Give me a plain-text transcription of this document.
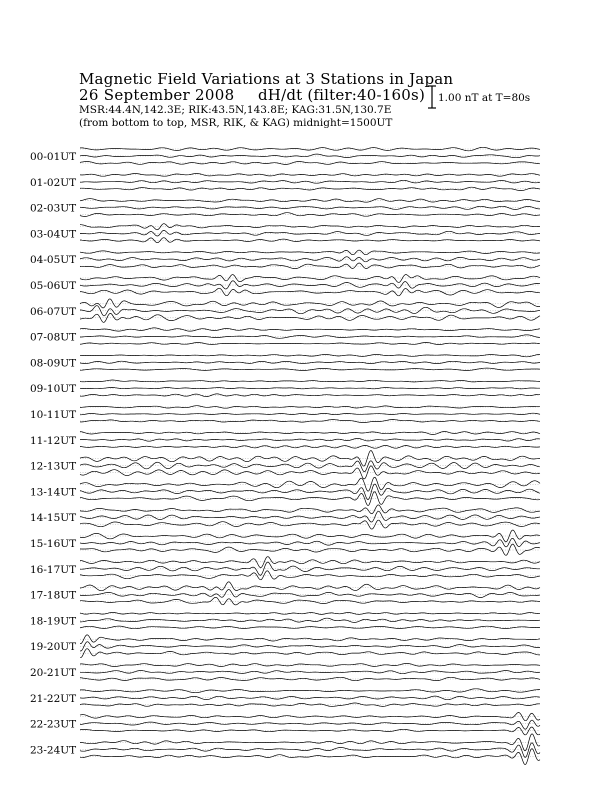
Magnetic Field Variations at 3 Stations in Japan
26 September 2008 dH/dt (filter:40-160s)
MSR:44.4N,142.3E; RIK:43.5N,143.8E; KAG:31.5N,130.7E
(from bottom to top, MSR, RIK, & KAG) midnight=1500UT
1.00 nT at T=80s
00-01UT
01-02UT
02-03UT
03-04UT
04-05UT
05-06UT
06-07UT
07-08UT
08-09UT
09-10UT
10-11UT
11-12UT
12-13UT
13-14UT
14-15UT
15-16UT
16-17UT
17-18UT
18-19UT
19-20UT
20-21UT
21-22UT
22-23UT
23-24UT
